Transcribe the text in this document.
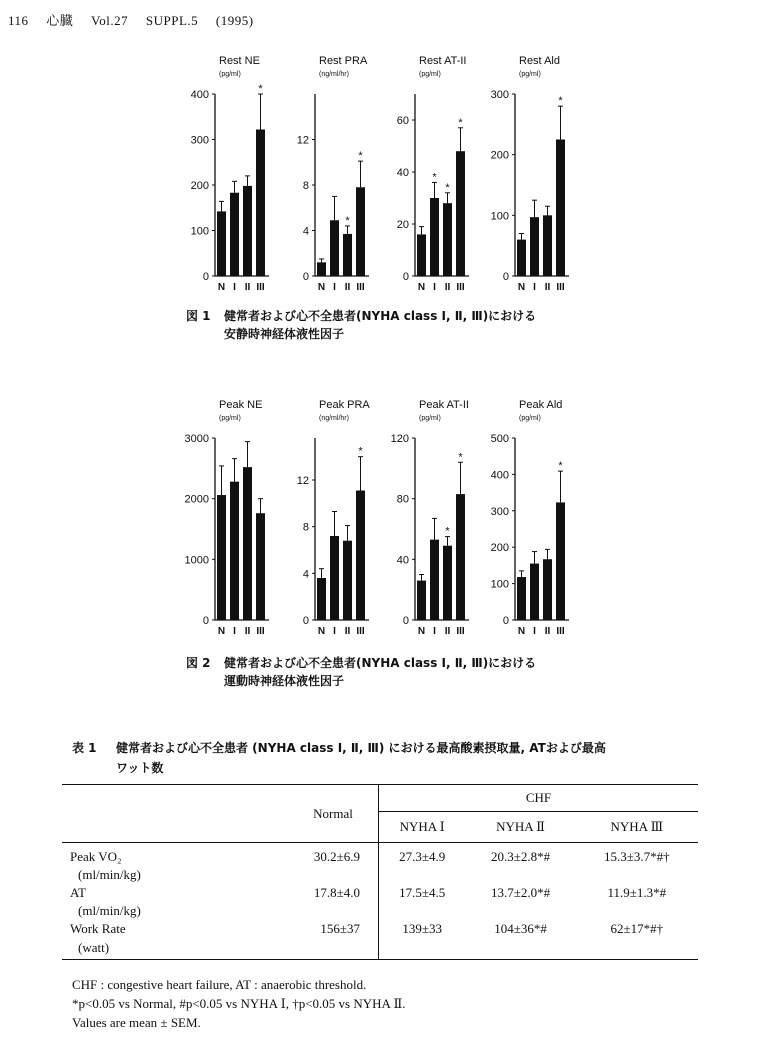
116 心臓 Vol.27 SUPPL.5 (1995)
Rest NE
(pg/ml)
0
100
200
300
400
N I II
*
III
Rest PRA
(ng/ml/hr)
0
4
8
12
N I
*
II
*
III
Rest AT-II
(pg/ml)
0
20
40
60
N
*
I
*
II
*
III
Rest Ald
(pg/ml)
0
100
200
300
N I II
*
III
図 1 健常者および心不全患者(NYHA class Ⅰ, Ⅱ, Ⅲ)における
安静時神経体液性因子
Peak NE
(pg/ml)
0
1000
2000
3000
N I II III
Peak PRA
(ng/ml/hr)
0
4
8
12
N I II
*
III
Peak AT-II
(pg/ml)
0
40
80
120
N I
*
II
*
III
Peak Ald
(pg/ml)
0
100
200
300
400
500
N I II
*
III
図 2 健常者および心不全患者(NYHA class Ⅰ, Ⅱ, Ⅲ)における
運動時神経体液性因子
表 1 健常者および心不全患者 (NYHA class Ⅰ, Ⅱ, Ⅲ) における最高酸素摂取量, ATおよび最高
ワット数
	Normal	CHF		
		NYHA Ⅰ	NYHA Ⅱ	NYHA Ⅲ
Peak VO₂	30.2±6.9	27.3±4.9	20.3±2.8*#	15.3±3.7*#†
(ml/min/kg)				
AT	17.8±4.0	17.5±4.5	13.7±2.0*#	11.9±1.3*#
(ml/min/kg)				
Work Rate	156±37	139±33	104±36*#	62±17*#†
(watt)				
CHF : congestive heart failure, AT : anaerobic threshold.
*p<0.05 vs Normal, #p<0.05 vs NYHA Ⅰ, †p<0.05 vs NYHA Ⅱ.
Values are mean ± SEM.
